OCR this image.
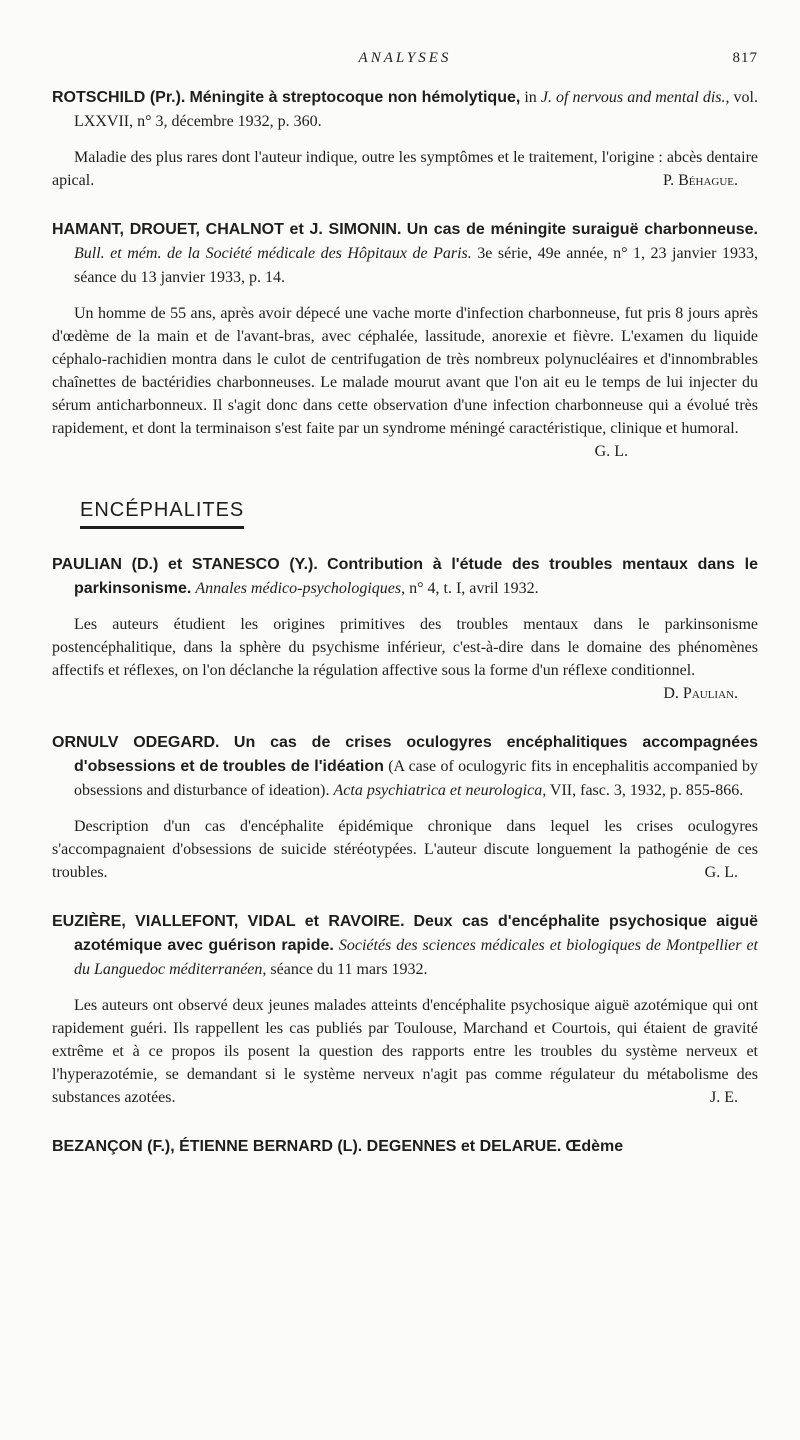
ANALYSES	817
ROTSCHILD (Pr.). Méningite à streptocoque non hémolytique, in J. of nervous and mental dis., vol. LXXVII, n° 3, décembre 1932, p. 360.
Maladie des plus rares dont l'auteur indique, outre les symptômes et le traitement, l'origine : abcès dentaire apical.	P. Béhague.
HAMANT, DROUET, CHALNOT et J. SIMONIN. Un cas de méningite suraiguë charbonneuse. Bull. et mém. de la Société médicale des Hôpitaux de Paris. 3e série, 49e année, n° 1, 23 janvier 1933, séance du 13 janvier 1933, p. 14.
Un homme de 55 ans, après avoir dépecé une vache morte d'infection charbonneuse, fut pris 8 jours après d'œdème de la main et de l'avant-bras, avec céphalée, lassitude, anorexie et fièvre. L'examen du liquide céphalo-rachidien montra dans le culot de centrifugation de très nombreux polynucléaires et d'innombrables chaînettes de bactéridies charbonneuses. Le malade mourut avant que l'on ait eu le temps de lui injecter du sérum anticharbonneux. Il s'agit donc dans cette observation d'une infection charbonneuse qui a évolué très rapidement, et dont la terminaison s'est faite par un syndrome méningé caractéristique, clinique et humoral.
G. L.
ENCÉPHALITES
PAULIAN (D.) et STANESCO (Y.). Contribution à l'étude des troubles mentaux dans le parkinsonisme. Annales médico-psychologiques, n° 4, t. I, avril 1932.
Les auteurs étudient les origines primitives des troubles mentaux dans le parkinsonisme postencéphalitique, dans la sphère du psychisme inférieur, c'est-à-dire dans le domaine des phénomènes affectifs et réflexes, on l'on déclanche la régulation affective sous la forme d'un réflexe conditionnel.
D. Paulian.
ORNULV ODEGARD. Un cas de crises oculogyres encéphalitiques accompagnées d'obsessions et de troubles de l'idéation (A case of oculogyric fits in encephalitis accompanied by obsessions and disturbance of ideation). Acta psychiatrica et neurologica, VII, fasc. 3, 1932, p. 855-866.
Description d'un cas d'encéphalite épidémique chronique dans lequel les crises oculogyres s'accompagnaient d'obsessions de suicide stéréotypées. L'auteur discute longuement la pathogénie de ces troubles.	G. L.
EUZIÈRE, VIALLEFONT, VIDAL et RAVOIRE. Deux cas d'encéphalite psychosique aiguë azotémique avec guérison rapide. Sociétés des sciences médicales et biologiques de Montpellier et du Languedoc méditerranéen, séance du 11 mars 1932.
Les auteurs ont observé deux jeunes malades atteints d'encéphalite psychosique aiguë azotémique qui ont rapidement guéri. Ils rappellent les cas publiés par Toulouse, Marchand et Courtois, qui étaient de gravité extrême et à ce propos ils posent la question des rapports entre les troubles du système nerveux et l'hyperazotémie, se demandant si le système nerveux n'agit pas comme régulateur du métabolisme des substances azotées.	J. E.
BEZANÇON (F.), ÉTIENNE BERNARD (L). DEGENNES et DELARUE. Œdème
